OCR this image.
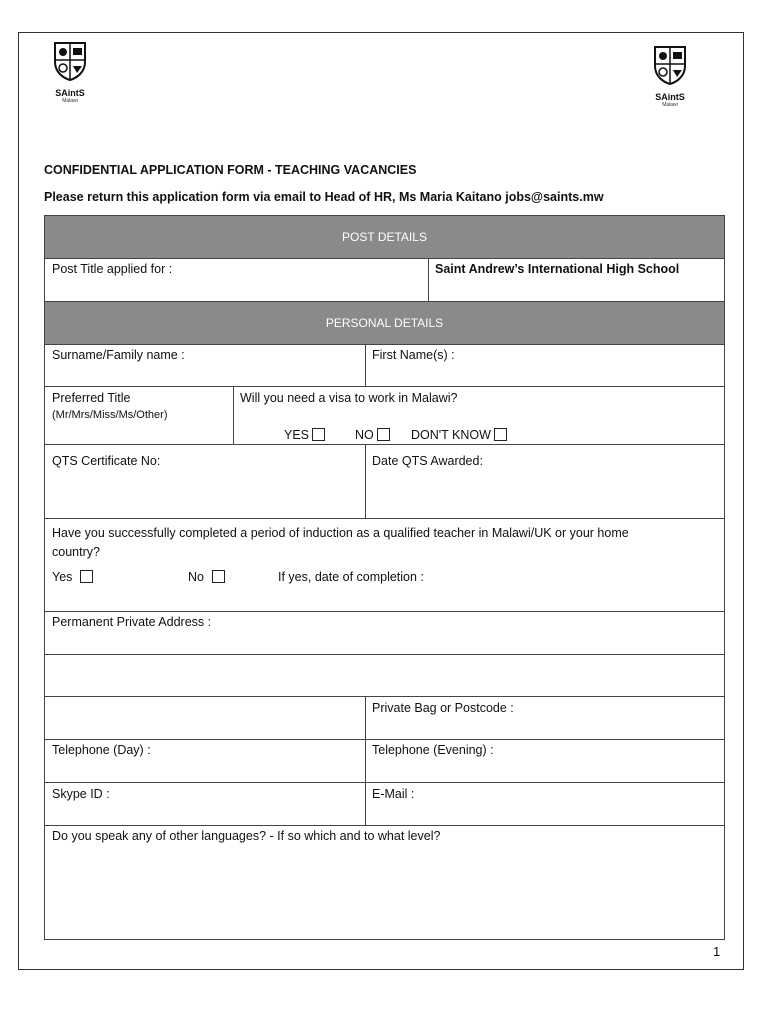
SAintS
Malawi	SAintS
Malawi
CONFIDENTIAL APPLICATION FORM - TEACHING VACANCIES
Please return this application form via email to Head of HR, Ms Maria Kaitano jobs@saints.mw
POST DETAILS
Post Title applied for :	Saint Andrew’s International High School
PERSONAL DETAILS
Surname/Family name :	First Name(s) :
Preferred Title
(Mr/Mrs/Miss/Ms/Other)
Will you need a visa to work in Malawi?
YES	NO	DON'T KNOW
QTS Certificate No:	Date QTS Awarded:
Have you successfully completed a period of induction as a qualified teacher in Malawi/UK or your home
country?
Yes	No	If yes, date of completion :
Permanent Private Address :
Private Bag or Postcode :
Telephone (Day) :	Telephone (Evening) :
Skype ID :	E-Mail :
Do you speak any of other languages? - If so which and to what level?
1
